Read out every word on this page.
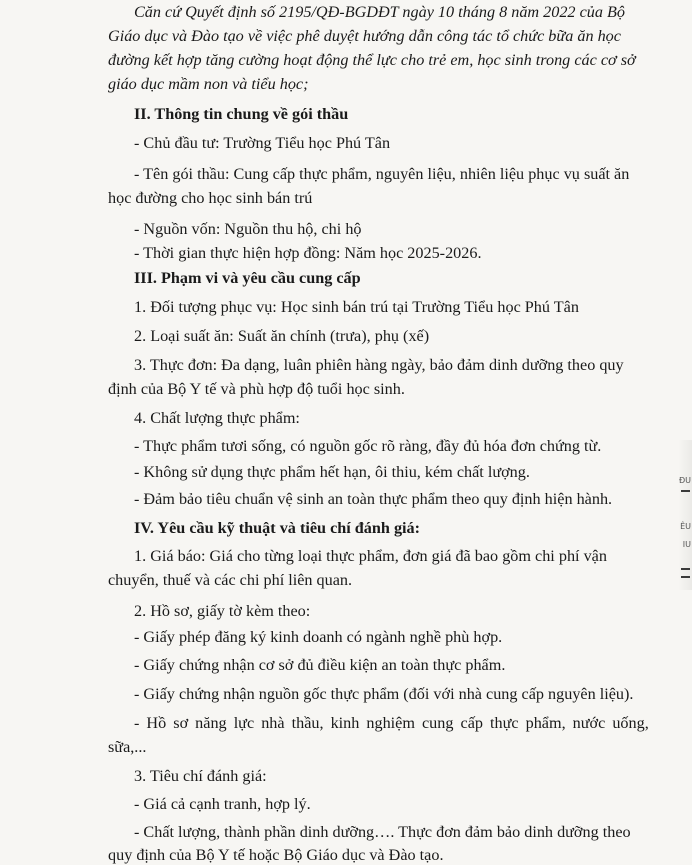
Căn cứ Quyết định số 2195/QĐ-BGDĐT ngày 10 tháng 8 năm 2022 của Bộ
Giáo dục và Đào tạo về việc phê duyệt hướng dẫn công tác tổ chức bữa ăn học
đường kết hợp tăng cường hoạt động thể lực cho trẻ em, học sinh trong các cơ sở
giáo dục mầm non và tiểu học;
II. Thông tin chung về gói thầu
- Chủ đầu tư: Trường Tiểu học Phú Tân
- Tên gói thầu: Cung cấp thực phẩm, nguyên liệu, nhiên liệu phục vụ suất ăn
học đường cho học sinh bán trú
- Nguồn vốn: Nguồn thu hộ, chi hộ
- Thời gian thực hiện hợp đồng: Năm học 2025-2026.
III. Phạm vi và yêu cầu cung cấp
1. Đối tượng phục vụ: Học sinh bán trú tại Trường Tiểu học Phú Tân
2. Loại suất ăn: Suất ăn chính (trưa), phụ (xế)
3. Thực đơn: Đa dạng, luân phiên hàng ngày, bảo đảm dinh dưỡng theo quy
định của Bộ Y tế và phù hợp độ tuổi học sinh.
4. Chất lượng thực phẩm:
- Thực phẩm tươi sống, có nguồn gốc rõ ràng, đầy đủ hóa đơn chứng từ.
- Không sử dụng thực phẩm hết hạn, ôi thiu, kém chất lượng.
- Đảm bảo tiêu chuẩn vệ sinh an toàn thực phẩm theo quy định hiện hành.
IV. Yêu cầu kỹ thuật và tiêu chí đánh giá:
1. Giá báo: Giá cho từng loại thực phẩm, đơn giá đã bao gồm chi phí vận
chuyển, thuế và các chi phí liên quan.
2. Hồ sơ, giấy tờ kèm theo:
- Giấy phép đăng ký kinh doanh có ngành nghề phù hợp.
- Giấy chứng nhận cơ sở đủ điều kiện an toàn thực phẩm.
- Giấy chứng nhận nguồn gốc thực phẩm (đối với nhà cung cấp nguyên liệu).
- Hồ sơ năng lực nhà thầu, kinh nghiệm cung cấp thực phẩm, nước uống,
sữa,...
3. Tiêu chí đánh giá:
- Giá cả cạnh tranh, hợp lý.
- Chất lượng, thành phần dinh dưỡng…. Thực đơn đảm bảo dinh dưỡng theo
quy định của Bộ Y tế hoặc Bộ Giáo dục và Đào tạo.
ĐU
ÊU
IU
